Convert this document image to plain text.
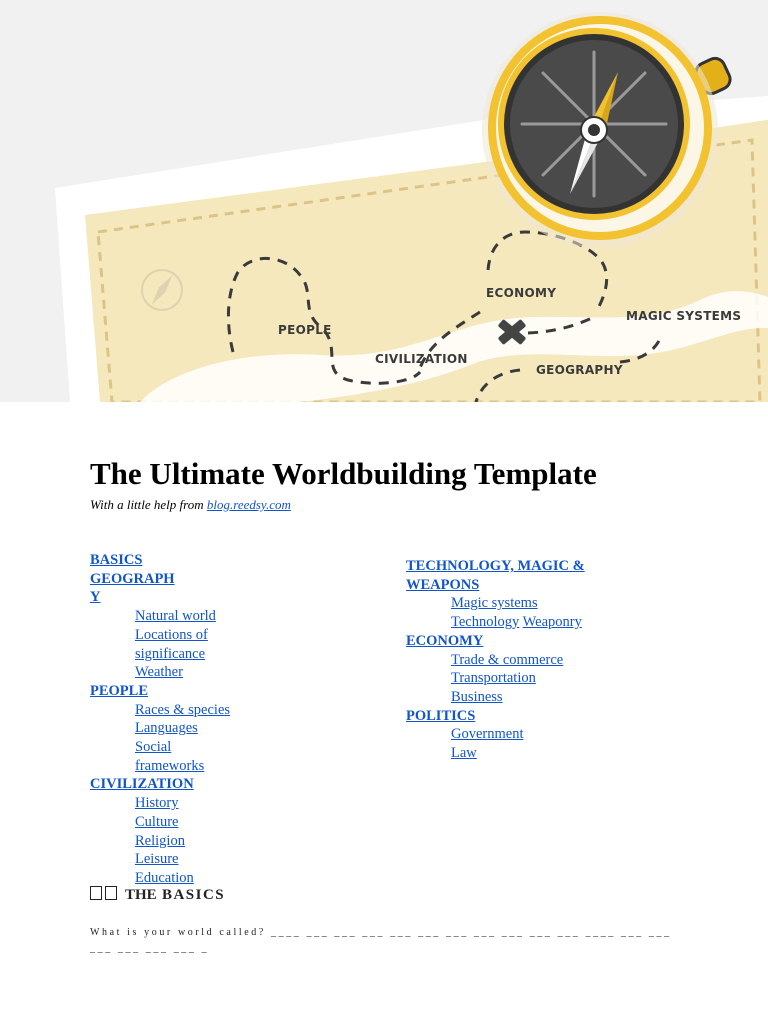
ECONOMY
PEOPLE
CIVILIZATION
GEOGRAPHY
MAGIC SYSTEMS
The Ultimate Worldbuilding Template
With a little help from blog.reedsy.com
BASICS
GEOGRAPH
Y
Natural world
Locations of significance
Weather
PEOPLE
Races & species
Languages
Social frameworks
CIVILIZATION
History
Culture
Religion
Leisure
Education
TECHNOLOGY, MAGIC &
WEAPONS
Magic systems
Technology Weaponry
ECONOMY
Trade & commerce
Transportation
Business
POLITICS
Government
Law
THE BASICS
What is your world called? ____ ___ ___ ___ ___ ___ ___ ___ ___ ___ ___ ____ ___ ___ ___ ___ ___ ___ _
